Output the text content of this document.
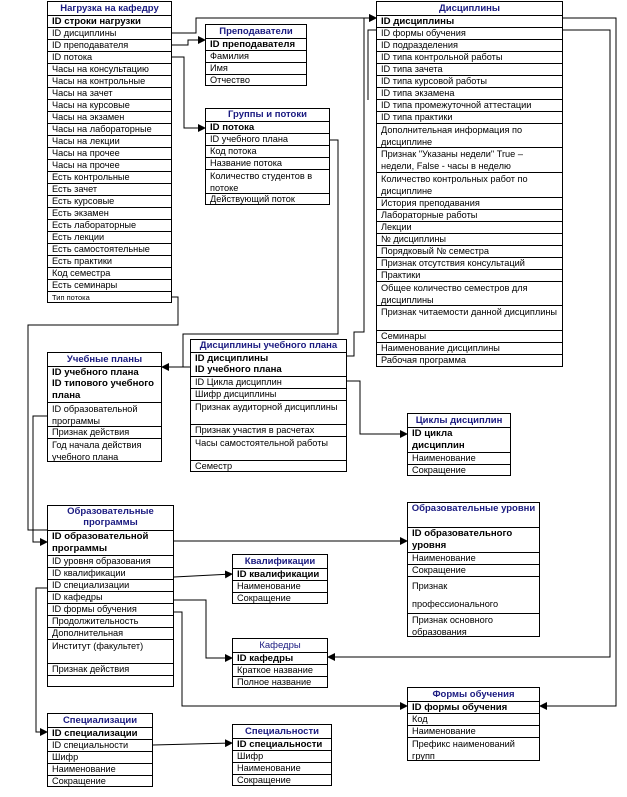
Нагрузка на кафедру
ID строки нагрузки
ID дисциплины
ID преподавателя
ID потока
Часы на консультацию
Часы на контрольные
Часы на зачет
Часы на курсовые
Часы на экзамен
Часы на лабораторные
Часы на лекции
Часы на прочее
Часы на прочее
Есть контрольные
Есть зачет
Есть курсовые
Есть экзамен
Есть лабораторные
Есть лекции
Есть самостоятельные
Есть практики
Код семестра
Есть семинары
Тип потока
Преподаватели
ID преподавателя
Фамилия
Имя
Отчество
Группы и потоки
ID потока
ID учебного плана
Код потока
Название потока
Количество студентов в потоке
Действующий поток
Дисциплины
ID дисциплины
ID формы обучения
ID подразделения
ID типа контрольной работы
ID типа зачета
ID типа курсовой работы
ID типа экзамена
ID типа промежуточной аттестации
ID типа практики
Дополнительная информация по дисциплине
Признак "Указаны недели" True – недели, False - часы в неделю
Количество контрольных работ по дисциплине
История преподавания
Лабораторные работы
Лекции
№ дисциплины
Порядковый № семестра
Признак отсутствия консультаций
Практики
Общее количество семестров для дисциплины
Признак читаемости данной дисциплины
Семинары
Наименование дисциплины
Рабочая программа
Учебные планы
ID учебного плана
ID типового учебного плана
ID образовательной программы
Признак действия
Год начала действия учебного плана
Дисциплины учебного плана
ID дисциплины
ID учебного плана
ID Цикла дисциплин
Шифр дисциплины
Признак аудиторной дисциплины
Признак участия в расчетах
Часы самостоятельной работы
Семестр
Циклы дисциплин
ID цикла дисциплин
Наименование
Сокращение
Образовательные программы
ID образовательной программы
ID уровня образования
ID квалификации
ID специализации
ID кафедры
ID формы обучения
Продолжительность
Дополнительная
Институт (факультет)
Признак действия
Образовательные уровни
ID образовательного уровня
Наименование
Сокращение
Признак профессионального
Признак основного образования
Квалификации
ID квалификации
Наименование
Сокращение
Кафедры
ID кафедры
Краткое название
Полное название
Формы обучения
ID формы обучения
Код
Наименование
Префикс наименований групп
Специализации
ID специализации
ID специальности
Шифр
Наименование
Сокращение
Специальности
ID специальности
Шифр
Наименование
Сокращение
